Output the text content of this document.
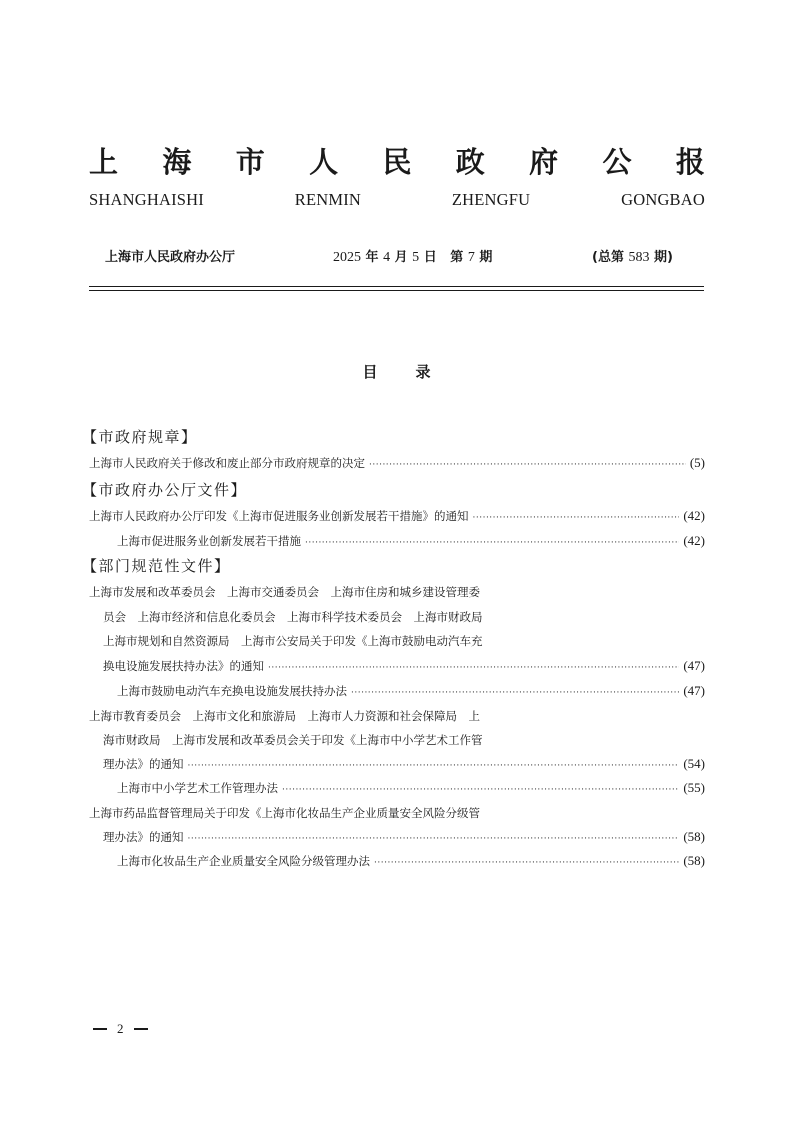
上 海 市 人 民 政 府 公 报
SHANGHAISHI	RENMIN	ZHENGFU	GONGBAO
上海市人民政府办公厅	2025 年 4 月 5 日 第 7 期	(总第 583 期)
目	录
【市政府规章】
上海市人民政府关于修改和废止部分市政府规章的决定 ·····	(5)
【市政府办公厅文件】
上海市人民政府办公厅印发《上海市促进服务业创新发展若干措施》的通知 ·····	(42)
上海市促进服务业创新发展若干措施 ·····	(42)
【部门规范性文件】
上海市发展和改革委员会　上海市交通委员会　上海市住房和城乡建设管理委
员会　上海市经济和信息化委员会　上海市科学技术委员会　上海市财政局
上海市规划和自然资源局　上海市公安局关于印发《上海市鼓励电动汽车充
换电设施发展扶持办法》的通知 ·····	(47)
上海市鼓励电动汽车充换电设施发展扶持办法 ·····	(47)
上海市教育委员会　上海市文化和旅游局　上海市人力资源和社会保障局　上
海市财政局　上海市发展和改革委员会关于印发《上海市中小学艺术工作管
理办法》的通知 ·····	(54)
上海市中小学艺术工作管理办法 ·····	(55)
上海市药品监督管理局关于印发《上海市化妆品生产企业质量安全风险分级管
理办法》的通知 ·····	(58)
上海市化妆品生产企业质量安全风险分级管理办法 ·····	(58)
2
